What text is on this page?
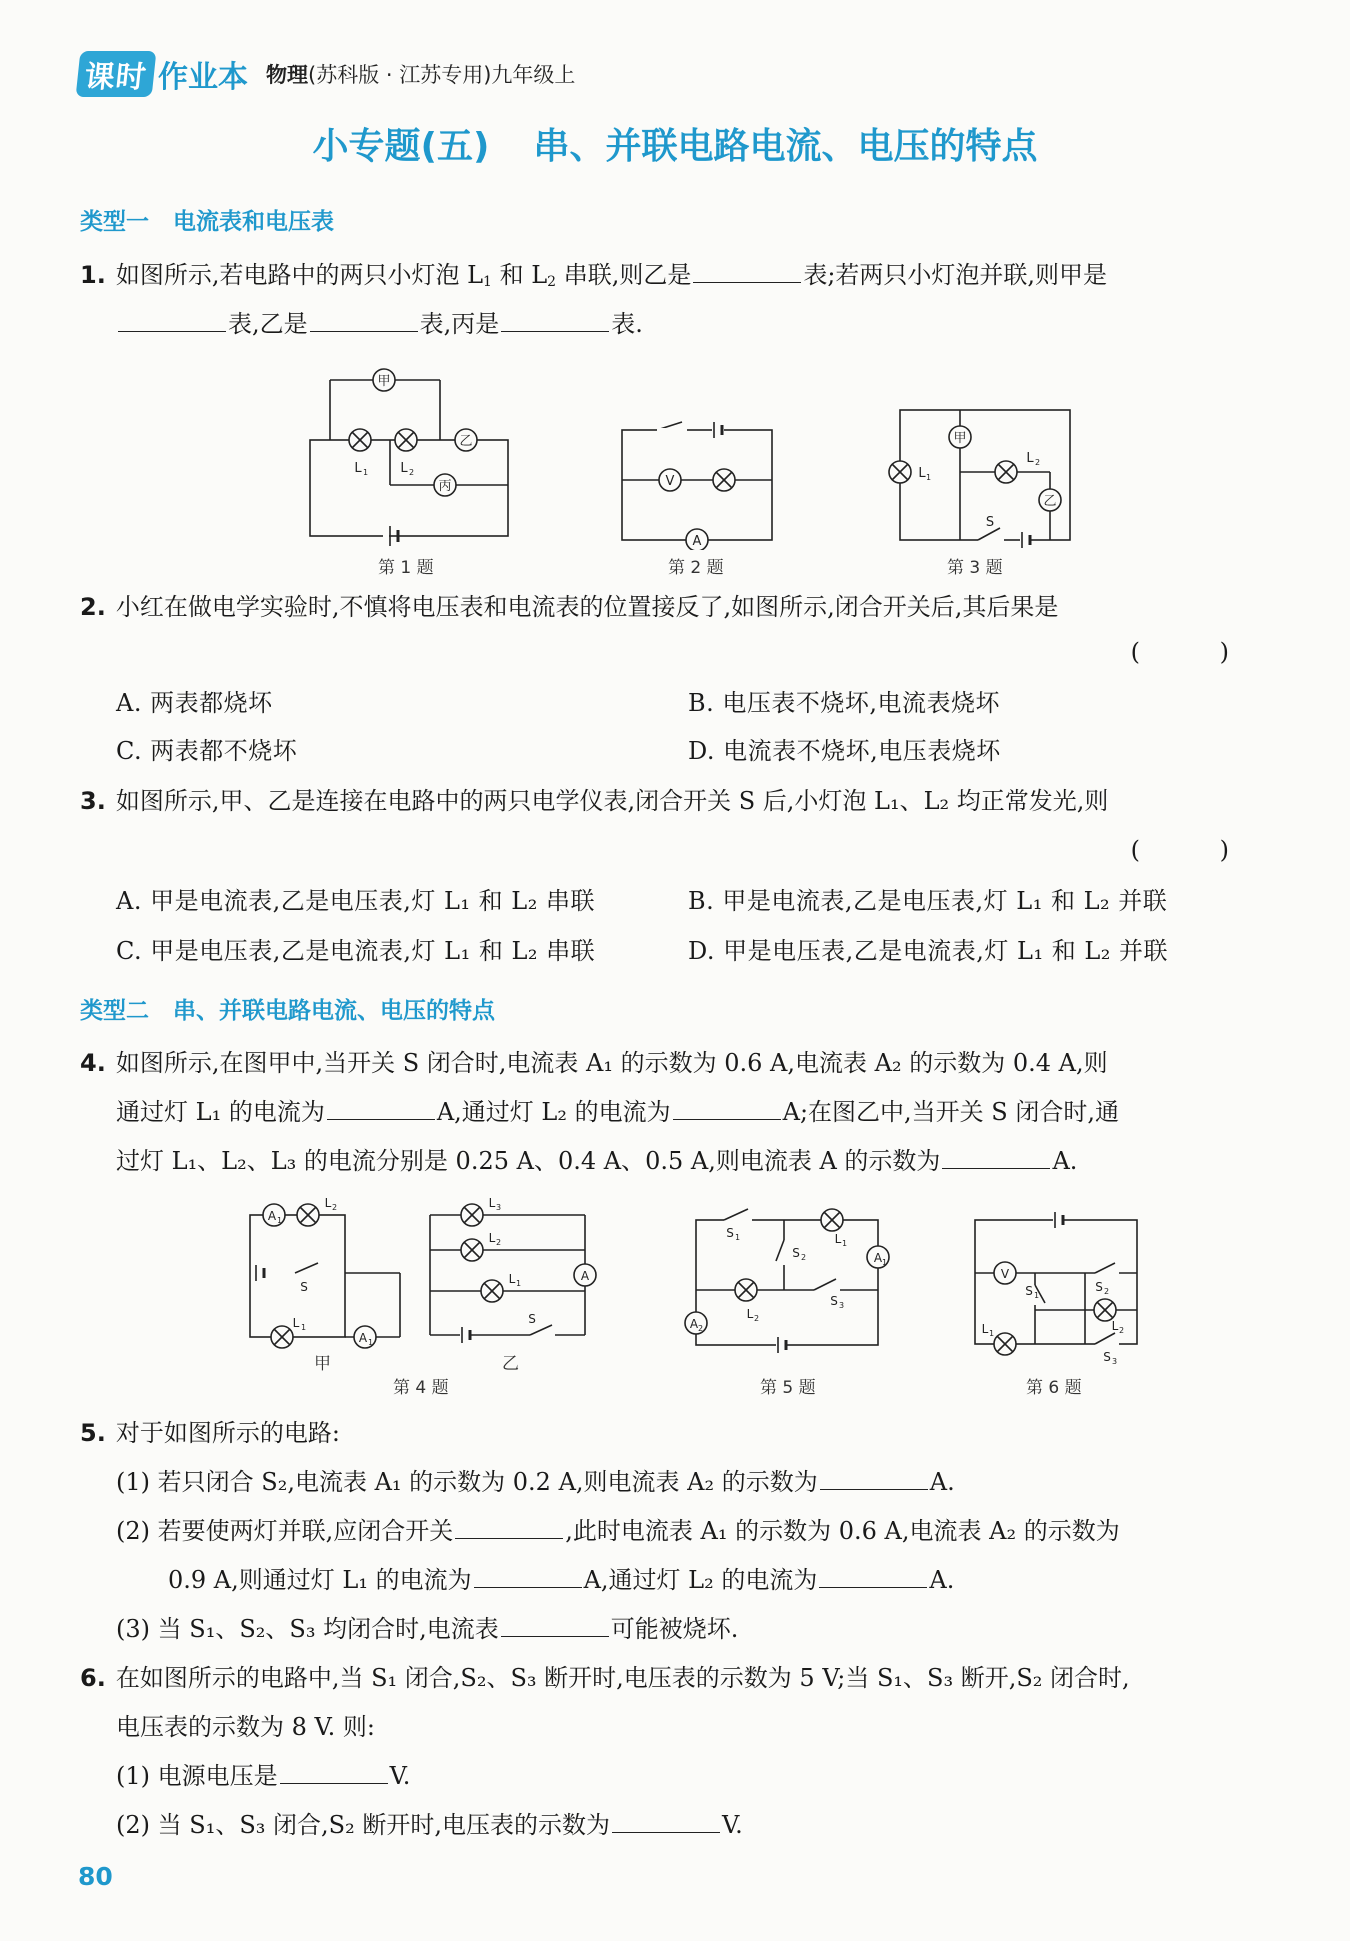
课时 作业本 物理(苏科版 · 江苏专用)九年级上
小专题(五) 串、并联电路电流、电压的特点
类型一 电流表和电压表
1. 如图所示,若电路中的两只小灯泡 $L_1$ 和 $L_2$ 串联,则乙是	表;若两只小灯泡并联,则甲是
表,乙是	表,丙是	表.
甲
乙
丙
L	L
1	2
第 1 题
V
A
第 2 题
甲
乙
L
L
S
1
2
第 3 题
2. 小红在做电学实验时,不慎将电压表和电流表的位置接反了,如图所示,闭合开关后,其后果是
( )
A. 两表都烧坏	B. 电压表不烧坏,电流表烧坏
C. 两表都不烧坏	D. 电流表不烧坏,电压表烧坏
3. 如图所示,甲、乙是连接在电路中的两只电学仪表,闭合开关 S 后,小灯泡 L₁、L₂ 均正常发光,则
( )
A. 甲是电流表,乙是电压表,灯 L₁ 和 L₂ 串联	B. 甲是电流表,乙是电压表,灯 L₁ 和 L₂ 并联
C. 甲是电压表,乙是电流表,灯 L₁ 和 L₂ 串联	D. 甲是电压表,乙是电流表,灯 L₁ 和 L₂ 并联
类型二 串、并联电路电流、电压的特点
4. 如图所示,在图甲中,当开关 S 闭合时,电流表 A₁ 的示数为 0.6 A,电流表 A₂ 的示数为 0.4 A,则
通过灯 L₁ 的电流为	A,通过灯 L₂ 的电流为	A;在图乙中,当开关 S 闭合时,通
过灯 L₁、L₂、L₃ 的电流分别是 0.25 A、0.4 A、0.5 A,则电流表 A 的示数为	A.
A
A
L
S
L
1
1
2
1
甲
A
L
L
L
S
3
2
1
乙
第 4 题
A
A
S
S
S
L
L
1
2
1
2
3
1
2
第 5 题
V
S	S
S
L	L
1	2
3
1	2
第 6 题
5. 对于如图所示的电路:
(1) 若只闭合 S₂,电流表 A₁ 的示数为 0.2 A,则电流表 A₂ 的示数为	A.
(2) 若要使两灯并联,应闭合开关	,此时电流表 A₁ 的示数为 0.6 A,电流表 A₂ 的示数为
0.9 A,则通过灯 L₁ 的电流为	A,通过灯 L₂ 的电流为	A.
(3) 当 S₁、S₂、S₃ 均闭合时,电流表	可能被烧坏.
6. 在如图所示的电路中,当 S₁ 闭合,S₂、S₃ 断开时,电压表的示数为 5 V;当 S₁、S₃ 断开,S₂ 闭合时,
电压表的示数为 8 V. 则:
(1) 电源电压是	V.
(2) 当 S₁、S₃ 闭合,S₂ 断开时,电压表的示数为	V.
80
